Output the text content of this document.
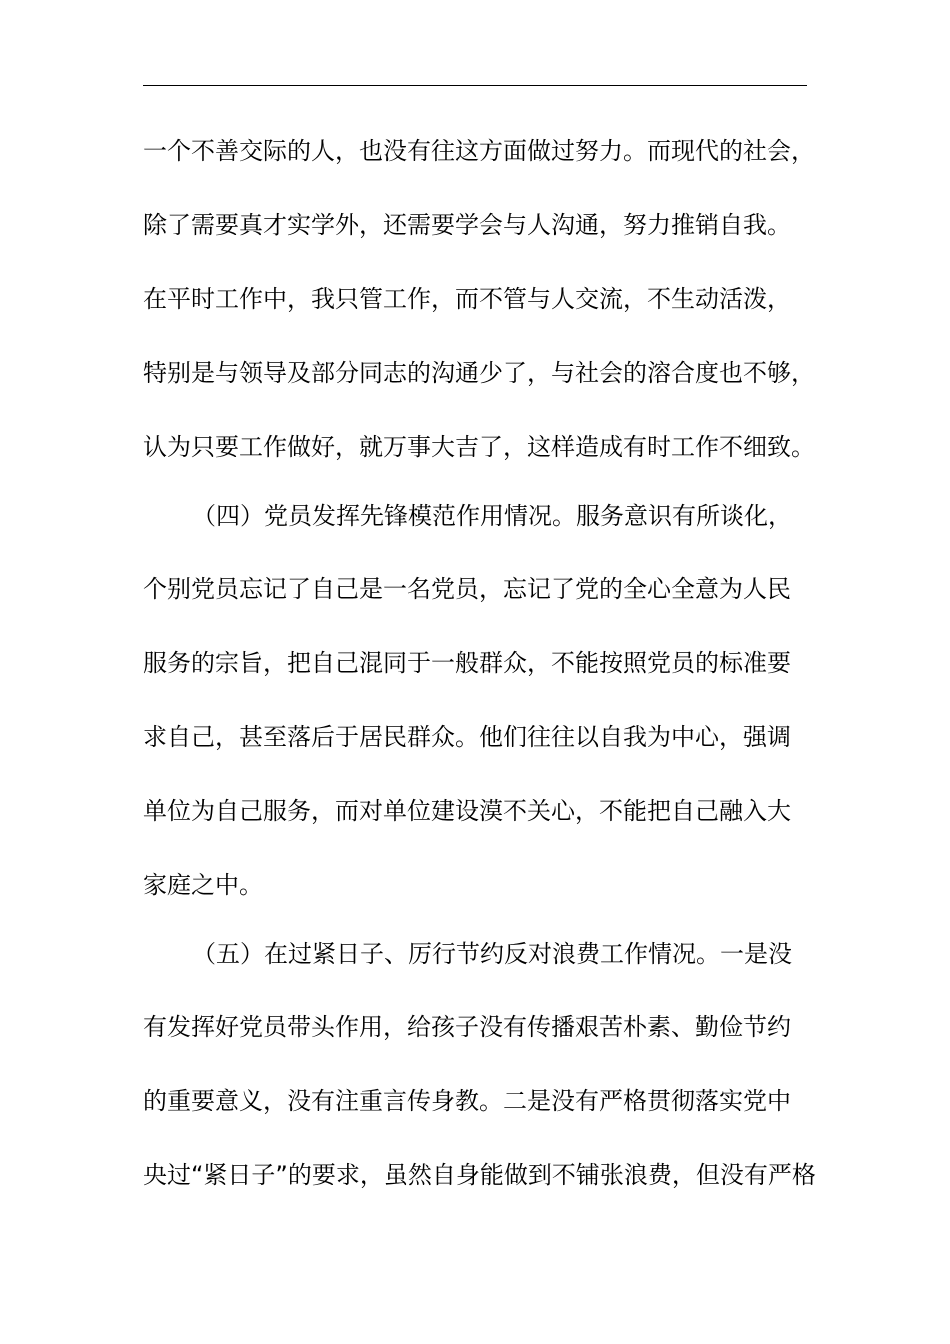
一个不善交际的人，也没有往这方面做过努力。而现代的社会，
除了需要真才实学外，还需要学会与人沟通，努力推销自我。
在平时工作中，我只管工作，而不管与人交流，不生动活泼，
特别是与领导及部分同志的沟通少了，与社会的溶合度也不够，
认为只要工作做好，就万事大吉了，这样造成有时工作不细致。
（四）党员发挥先锋模范作用情况。服务意识有所谈化，
个别党员忘记了自己是一名党员，忘记了党的全心全意为人民
服务的宗旨，把自己混同于一般群众，不能按照党员的标准要
求自己，甚至落后于居民群众。他们往往以自我为中心，强调
单位为自己服务，而对单位建设漠不关心，不能把自己融入大
家庭之中。
（五）在过紧日子、厉行节约反对浪费工作情况。一是没
有发挥好党员带头作用，给孩子没有传播艰苦朴素、勤俭节约
的重要意义，没有注重言传身教。二是没有严格贯彻落实党中
央过“紧日子”的要求，虽然自身能做到不铺张浪费，但没有严格
